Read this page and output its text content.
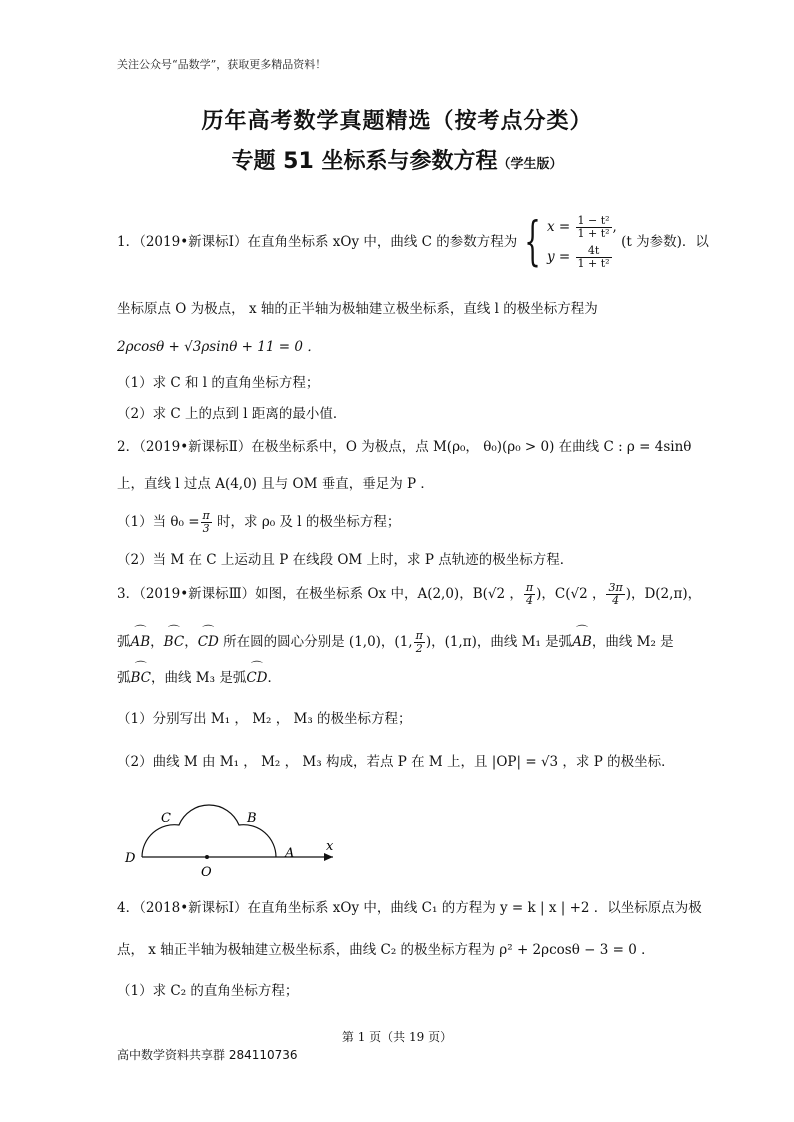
关注公众号“品数学”，获取更多精品资料！
历年高考数学真题精选（按考点分类）
专题 51 坐标系与参数方程（学生版）
1．（2019•新课标Ⅰ）在直角坐标系 xOy 中，曲线 C 的参数方程为 { $x = \frac{\text{1 − t²}}{\text{1 + t²}}$ ,
$y = \frac{4t}{\text{1 + t²}}$
(t 为参数)．以
坐标原点 O 为极点， x 轴的正半轴为极轴建立极坐标系，直线 l 的极坐标方程为
2ρcosθ + √3ρsinθ + 11 = 0 ．
（1）求 C 和 l 的直角坐标方程；
（2）求 C 上的点到 l 距离的最小值．
2．（2019•新课标Ⅱ）在极坐标系中，O 为极点，点 M(ρ₀， θ₀)(ρ₀ > 0) 在曲线 C : ρ = 4sinθ
上，直线 l 过点 A(4,0) 且与 OM 垂直，垂足为 P ．
（1）当 $\theta_0 = \frac{\pi}{3}$ 时，求 ρ₀ 及 l 的极坐标方程；
（2）当 M 在 C 上运动且 P 在线段 OM 上时，求 P 点轨迹的极坐标方程．
3．（2019•新课标Ⅲ）如图，在极坐标系 Ox 中，A(2,0)，B(√2 ， $\frac{\pi}{4}$ )，C(√2 ， $\frac{3\pi}{4}$ )，D(2,π)，
弧⌒ AB，⌒ BC，⌒ CD 所在圆的圆心分别是 (1,0)，(1, $\frac{\pi}{2}$ )，(1,π)，曲线 M₁ 是弧⌒ AB，曲线 M₂ 是
弧⌒ BC，曲线 M₃ 是弧⌒ CD．
（1）分别写出 M₁ ， M₂ ， M₃ 的极坐标方程；
（2）曲线 M 由 M₁ ， M₂ ， M₃ 构成，若点 P 在 M 上，且 |OP| = √3 ，求 P 的极坐标．
C	B
D
O
A x
4．（2018•新课标Ⅰ）在直角坐标系 xOy 中，曲线 C₁ 的方程为 y = k | x | +2 ．以坐标原点为极
点， x 轴正半轴为极轴建立极坐标系，曲线 C₂ 的极坐标方程为 ρ² + 2ρcosθ − 3 = 0 ．
（1）求 C₂ 的直角坐标方程；
第 1 页（共 19 页）
高中数学资料共享群 284110736
